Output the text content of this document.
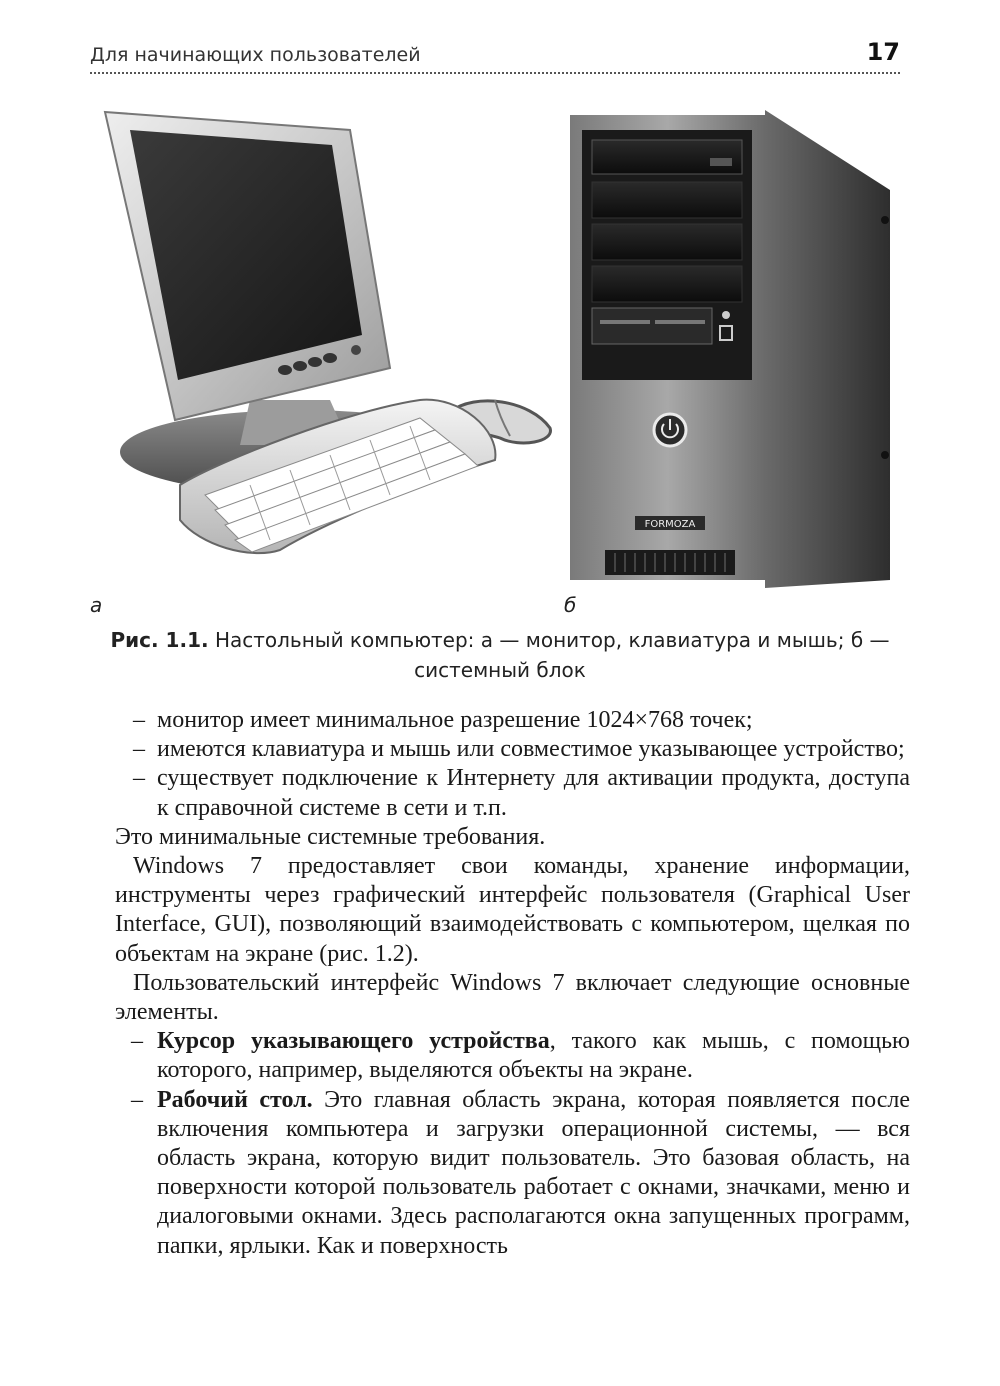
Для начинающих пользователей	17
FORMOZA
а	б
Рис. 1.1. Настольный компьютер: а — монитор, клавиатура и мышь; б — системный блок

– монитор имеет минимальное разрешение 1024×768 точек;

– имеются клавиатура и мышь или совместимое указывающее устройство;

– существует подключение к Интернету для активации продукта, доступа к справочной системе в сети и т.п.

Это минимальные системные требования.

Windows 7 предоставляет свои команды, хранение информации, инструменты через графический интерфейс пользователя (Graphical User Interface, GUI), позволяющий взаимодействовать с компьютером, щелкая по объектам на экране (рис. 1.2).

Пользовательский интерфейс Windows 7 включает следующие основные элементы.

– Курсор указывающего устройства, такого как мышь, с помощью которого, например, выделяются объекты на экране.

– Рабочий стол. Это главная область экрана, которая появляется после включения компьютера и загрузки операционной системы, — вся область экрана, которую видит пользователь. Это базовая область, на поверхности которой пользователь работает с окнами, значками, меню и диалоговыми окнами. Здесь располагаются окна запущенных программ, папки, ярлыки. Как и поверхность
